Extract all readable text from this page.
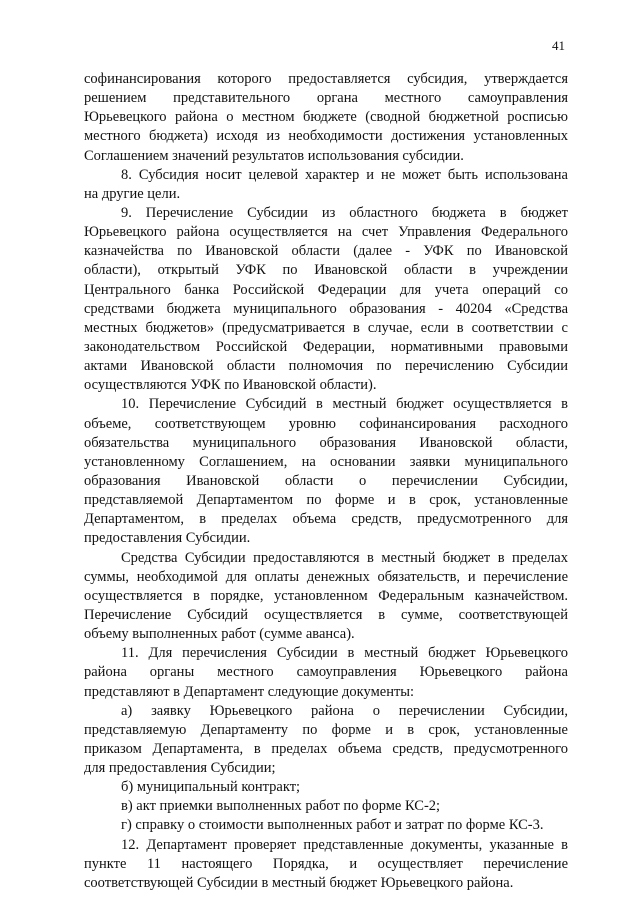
41
софинансирования которого предоставляется субсидия, утверждается
решением представительного органа местного самоуправления
Юрьевецкого района о местном бюджете (сводной бюджетной росписью
местного бюджета) исходя из необходимости достижения установленных
Соглашением значений результатов использования субсидии.
8. Субсидия носит целевой характер и не может быть использована
на другие цели.
9. Перечисление Субсидии из областного бюджета в бюджет
Юрьевецкого района осуществляется на счет Управления Федерального
казначейства по Ивановской области (далее - УФК по Ивановской
области), открытый УФК по Ивановской области в учреждении
Центрального банка Российской Федерации для учета операций со
средствами бюджета муниципального образования - 40204 «Средства
местных бюджетов» (предусматривается в случае, если в соответствии с
законодательством Российской Федерации, нормативными правовыми
актами Ивановской области полномочия по перечислению Субсидии
осуществляются УФК по Ивановской области).
10. Перечисление Субсидий в местный бюджет осуществляется в
объеме, соответствующем уровню софинансирования расходного
обязательства муниципального образования Ивановской области,
установленному Соглашением, на основании заявки муниципального
образования Ивановской области о перечислении Субсидии,
представляемой Департаментом по форме и в срок, установленные
Департаментом, в пределах объема средств, предусмотренного для
предоставления Субсидии.
Средства Субсидии предоставляются в местный бюджет в пределах
суммы, необходимой для оплаты денежных обязательств, и перечисление
осуществляется в порядке, установленном Федеральным казначейством.
Перечисление Субсидий осуществляется в сумме, соответствующей
объему выполненных работ (сумме аванса).
11. Для перечисления Субсидии в местный бюджет Юрьевецкого
района органы местного самоуправления Юрьевецкого района
представляют в Департамент следующие документы:
а) заявку Юрьевецкого района о перечислении Субсидии,
представляемую Департаменту по форме и в срок, установленные
приказом Департамента, в пределах объема средств, предусмотренного
для предоставления Субсидии;
б) муниципальный контракт;
в) акт приемки выполненных работ по форме КС-2;
г) справку о стоимости выполненных работ и затрат по форме КС-3.
12. Департамент проверяет представленные документы, указанные в
пункте 11 настоящего Порядка, и осуществляет перечисление
соответствующей Субсидии в местный бюджет Юрьевецкого района.
